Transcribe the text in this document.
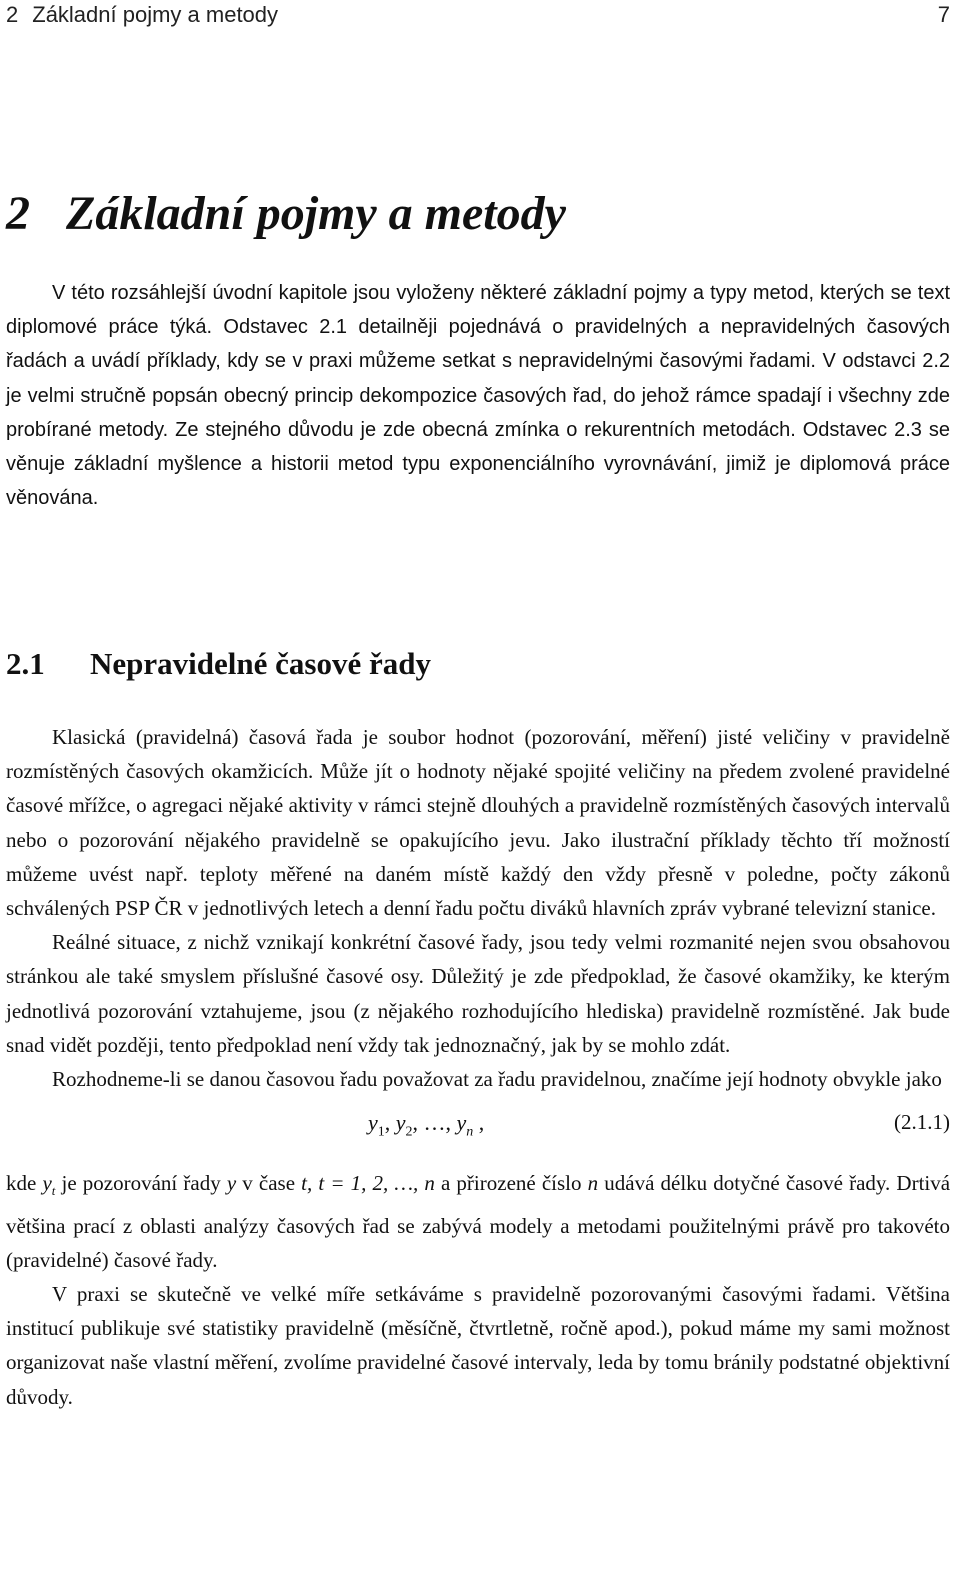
2 Základní pojmy a metody	7
2 Základní pojmy a metody

V této rozsáhlejší úvodní kapitole jsou vyloženy některé základní pojmy a typy metod, kterých se text diplomové práce týká. Odstavec 2.1 detailněji pojednává o pravidelných a nepravidelných časových řadách a uvádí příklady, kdy se v praxi můžeme setkat s nepravidelnými časovými řadami. V odstavci 2.2 je velmi stručně popsán obecný princip dekompozice časových řad, do jehož rámce spadají i všechny zde probírané metody. Ze stejného důvodu je zde obecná zmínka o rekurentních metodách. Odstavec 2.3 se věnuje základní myšlence a historii metod typu exponenciálního vyrovnávání, jimiž je diplomová práce věnována.

2.1 Nepravidelné časové řady

Klasická (pravidelná) časová řada je soubor hodnot (pozorování, měření) jisté veličiny v pravidelně rozmístěných časových okamžicích. Může jít o hodnoty nějaké spojité veličiny na předem zvolené pravidelné časové mřížce, o agregaci nějaké aktivity v rámci stejně dlouhých a pravidelně rozmístěných časových intervalů nebo o pozorování nějakého pravidelně se opakujícího jevu. Jako ilustrační příklady těchto tří možností můžeme uvést např. teploty měřené na daném místě každý den vždy přesně v poledne, počty zákonů schválených PSP ČR v jednotlivých letech a denní řadu počtu diváků hlavních zpráv vybrané televizní stanice.

Reálné situace, z nichž vznikají konkrétní časové řady, jsou tedy velmi rozmanité nejen svou obsahovou stránkou ale také smyslem příslušné časové osy. Důležitý je zde předpoklad, že časové okamžiky, ke kterým jednotlivá pozorování vztahujeme, jsou (z nějakého rozhodujícího hlediska) pravidelně rozmístěné. Jak bude snad vidět později, tento předpoklad není vždy tak jednoznačný, jak by se mohlo zdát.

Rozhodneme-li se danou časovou řadu považovat za řadu pravidelnou, značíme její hodnoty obvykle jako

$y_1$, $y_2$, …, $y_n$ ,	(2.1.1)

kde $y_t$ je pozorování řady y v čase t, t = 1, 2, …, n a přirozené číslo n udává délku dotyčné časové řady. Drtivá většina prací z oblasti analýzy časových řad se zabývá modely a metodami použitelnými právě pro takovéto (pravidelné) časové řady.

V praxi se skutečně ve velké míře setkáváme s pravidelně pozorovanými časovými řadami. Většina institucí publikuje své statistiky pravidelně (měsíčně, čtvrtletně, ročně apod.), pokud máme my sami možnost organizovat naše vlastní měření, zvolíme pravidelné časové intervaly, leda by tomu bránily podstatné objektivní důvody.
